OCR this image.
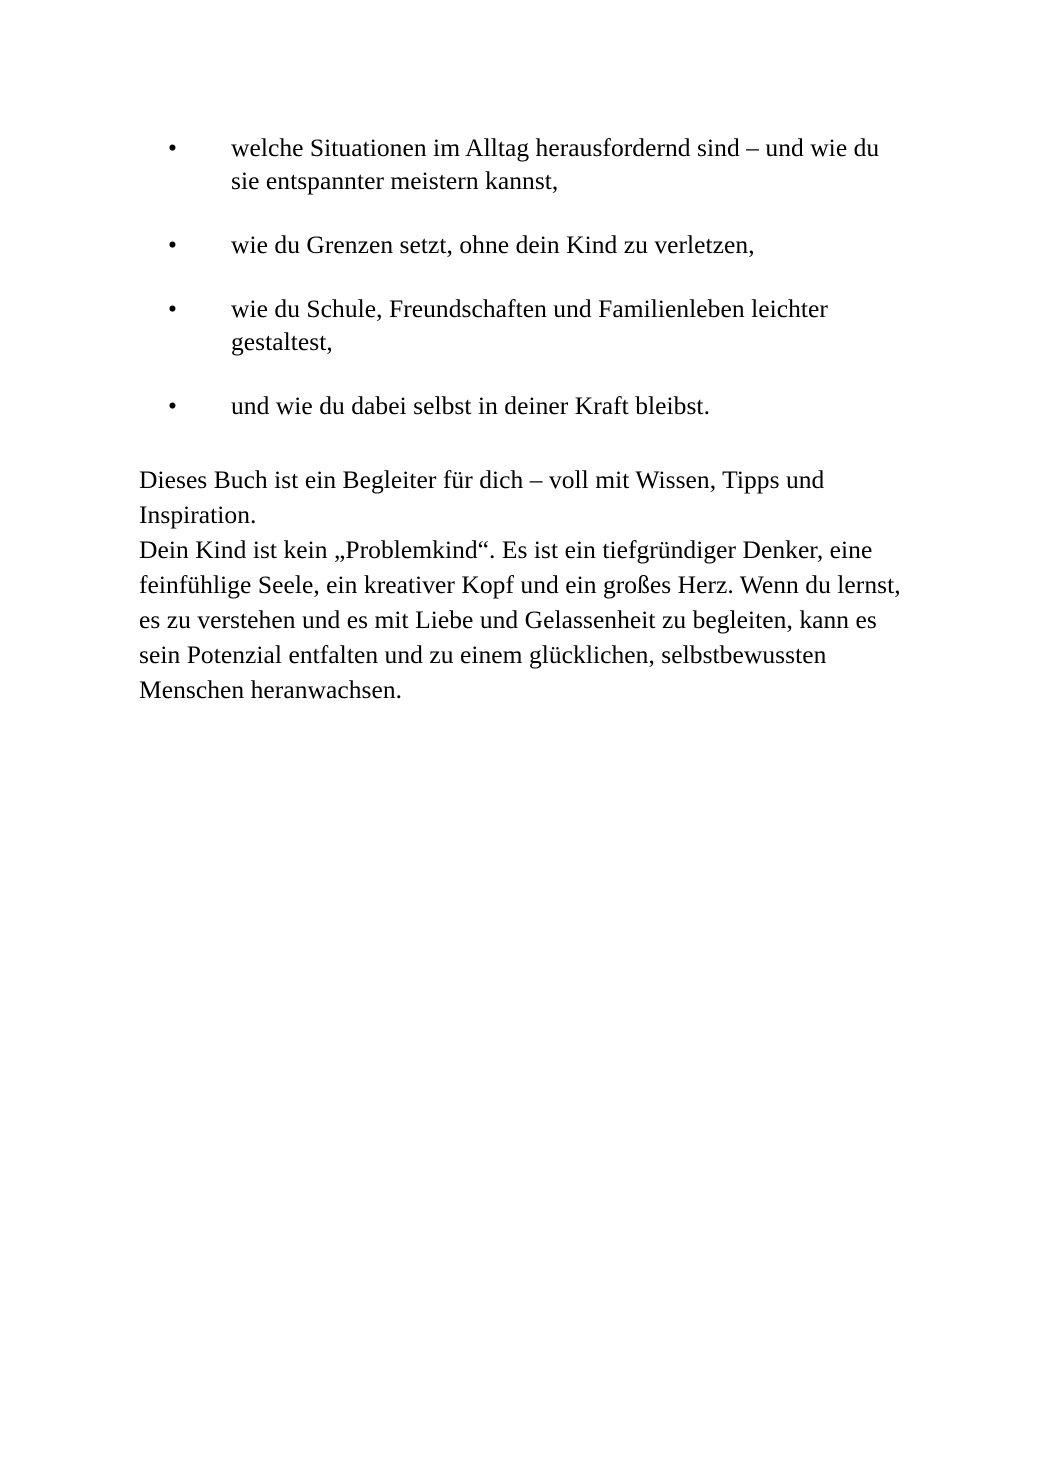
• welche Situationen im Alltag herausfordernd sind – und wie du sie entspannter meistern kannst,
• wie du Grenzen setzt, ohne dein Kind zu verletzen,
• wie du Schule, Freundschaften und Familienleben leichter gestaltest,
• und wie du dabei selbst in deiner Kraft bleibst.
Dieses Buch ist ein Begleiter für dich – voll mit Wissen, Tipps und Inspiration.
Dein Kind ist kein „Problemkind“. Es ist ein tiefgründiger Denker, eine feinfühlige Seele, ein kreativer Kopf und ein großes Herz. Wenn du lernst, es zu verstehen und es mit Liebe und Gelassenheit zu begleiten, kann es sein Potenzial entfalten und zu einem glücklichen, selbstbewussten Menschen heranwachsen.
